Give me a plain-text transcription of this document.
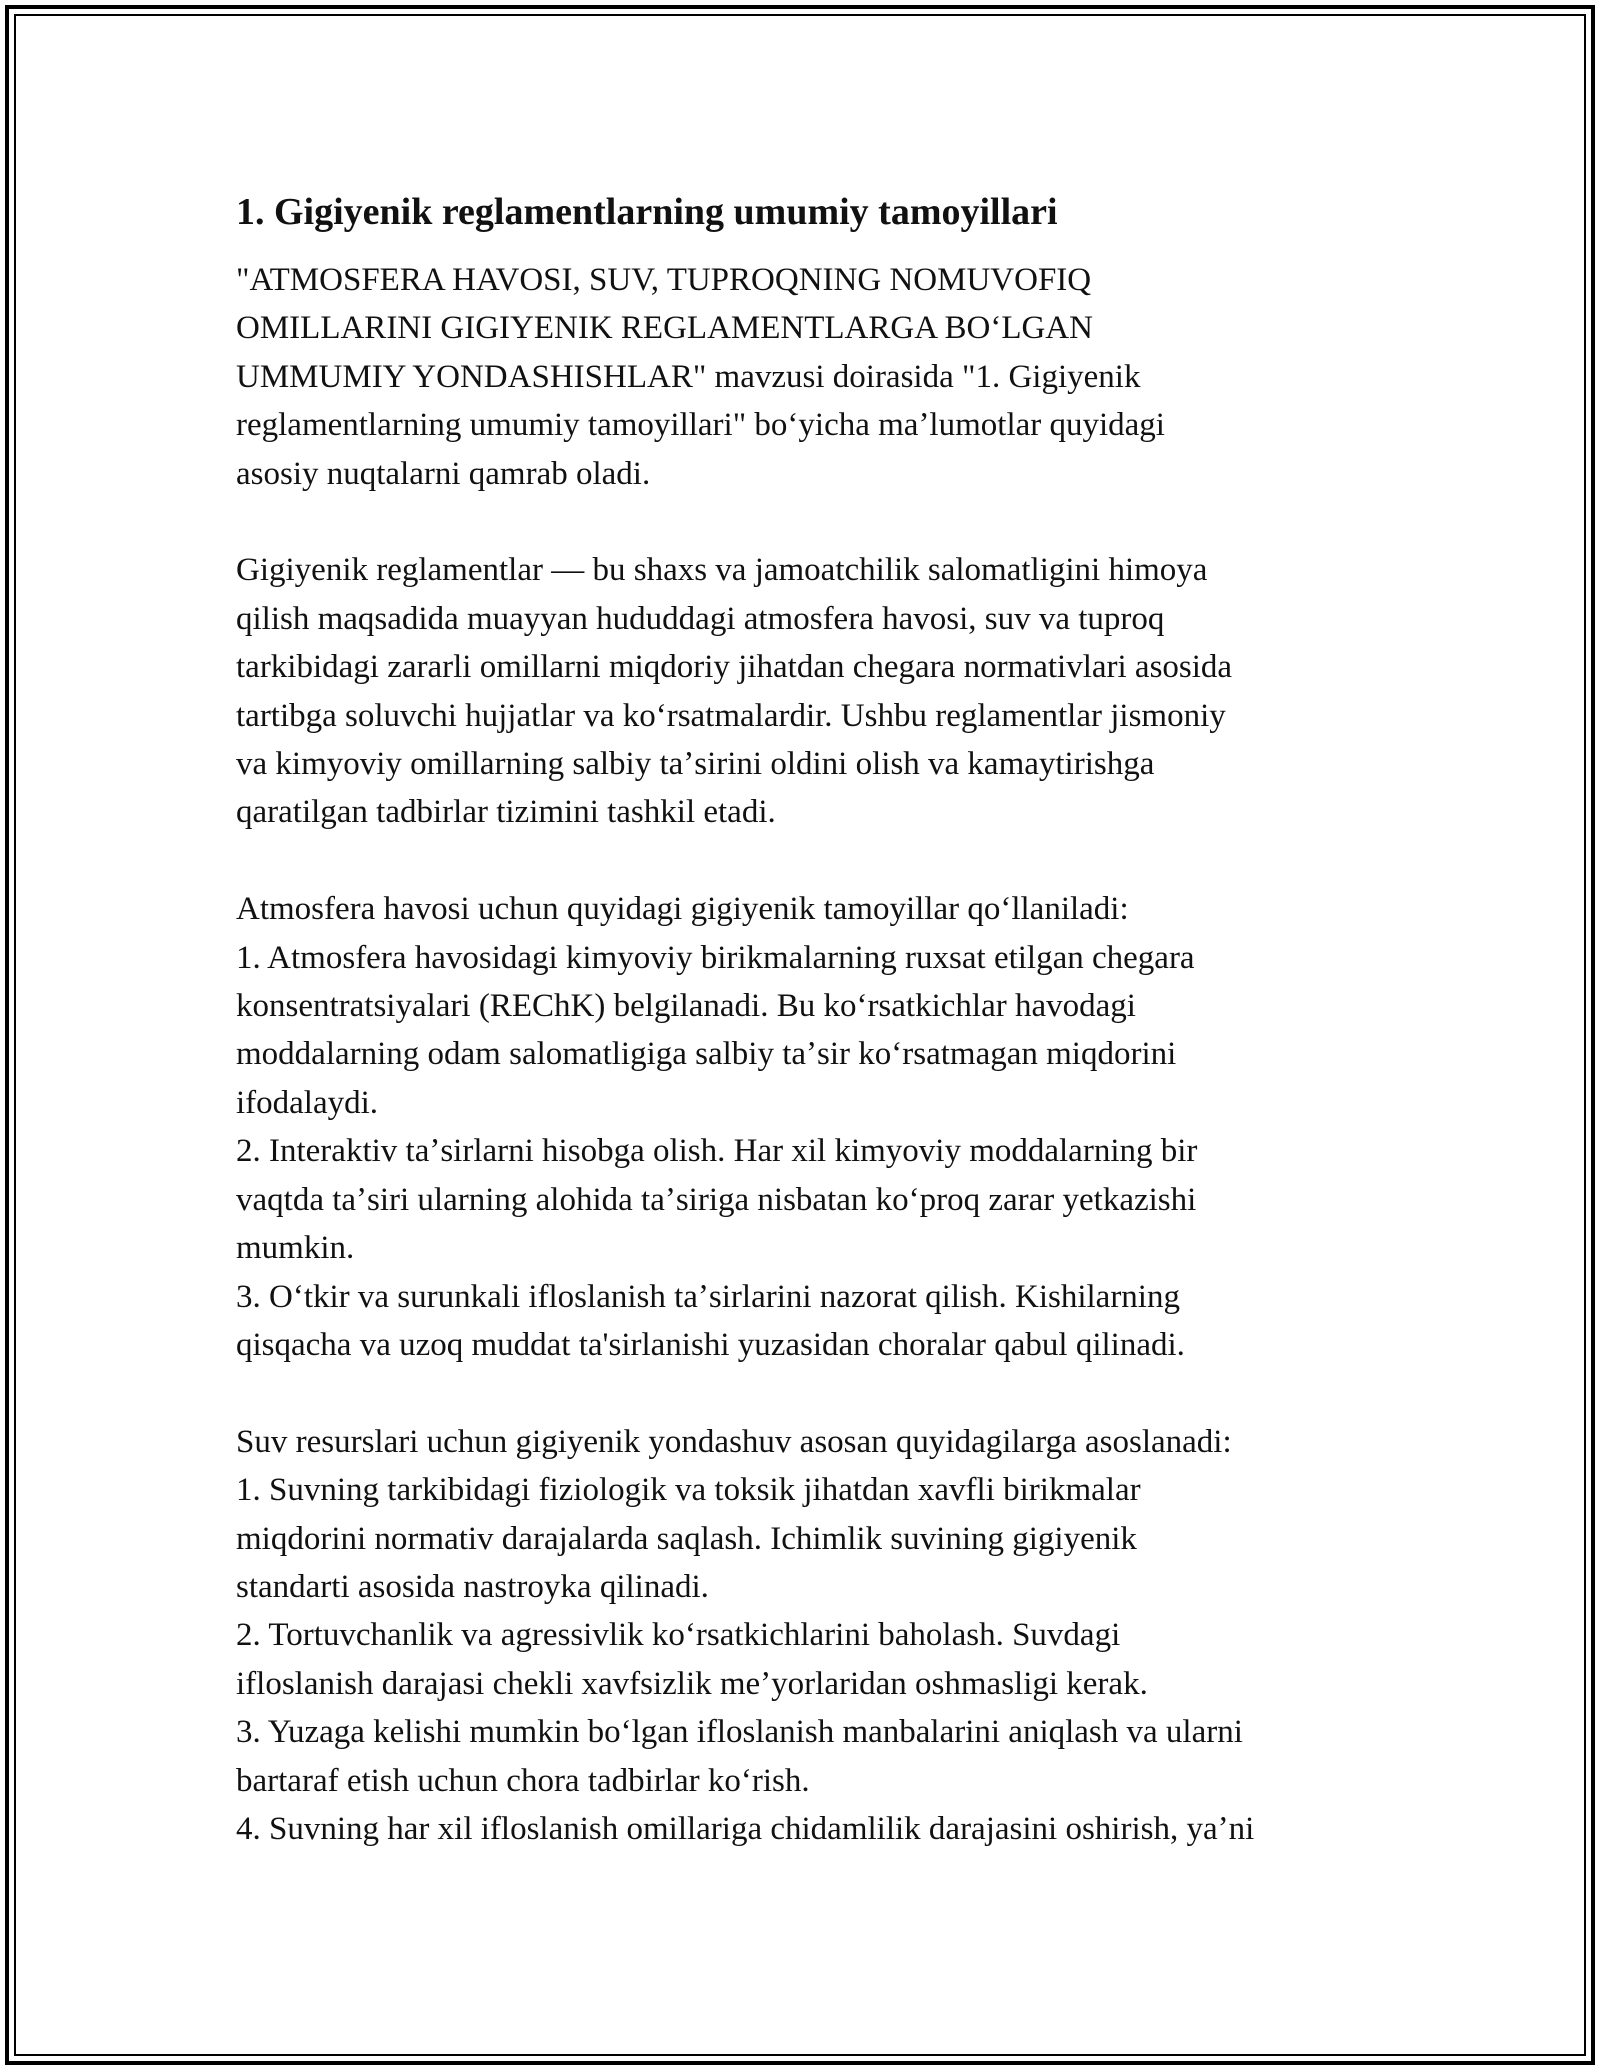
1. Gigiyenik reglamentlarning umumiy tamoyillari
"ATMOSFERA HAVOSI, SUV, TUPROQNING NOMUVOFIQ
OMILLARINI GIGIYENIK REGLAMENTLARGA BOʻLGAN
UMMUMIY YONDASHISHLAR" mavzusi doirasida "1. Gigiyenik
reglamentlarning umumiy tamoyillari" boʻyicha maʼlumotlar quyidagi
asosiy nuqtalarni qamrab oladi.
Gigiyenik reglamentlar — bu shaxs va jamoatchilik salomatligini himoya
qilish maqsadida muayyan hududdagi atmosfera havosi, suv va tuproq
tarkibidagi zararli omillarni miqdoriy jihatdan chegara normativlari asosida
tartibga soluvchi hujjatlar va koʻrsatmalardir. Ushbu reglamentlar jismoniy
va kimyoviy omillarning salbiy taʼsirini oldini olish va kamaytirishga
qaratilgan tadbirlar tizimini tashkil etadi.
Atmosfera havosi uchun quyidagi gigiyenik tamoyillar qoʻllaniladi:
1. Atmosfera havosidagi kimyoviy birikmalarning ruxsat etilgan chegara
konsentratsiyalari (REChK) belgilanadi. Bu koʻrsatkichlar havodagi
moddalarning odam salomatligiga salbiy taʼsir koʻrsatmagan miqdorini
ifodalaydi.
2. Interaktiv taʼsirlarni hisobga olish. Har xil kimyoviy moddalarning bir
vaqtda taʼsiri ularning alohida taʼsiriga nisbatan koʻproq zarar yetkazishi
mumkin.
3. Oʻtkir va surunkali ifloslanish taʼsirlarini nazorat qilish. Kishilarning
qisqacha va uzoq muddat ta'sirlanishi yuzasidan choralar qabul qilinadi.
Suv resurslari uchun gigiyenik yondashuv asosan quyidagilarga asoslanadi:
1. Suvning tarkibidagi fiziologik va toksik jihatdan xavfli birikmalar
miqdorini normativ darajalarda saqlash. Ichimlik suvining gigiyenik
standarti asosida nastroyka qilinadi.
2. Tortuvchanlik va agressivlik koʻrsatkichlarini baholash. Suvdagi
ifloslanish darajasi chekli xavfsizlik meʼyorlaridan oshmasligi kerak.
3. Yuzaga kelishi mumkin boʻlgan ifloslanish manbalarini aniqlash va ularni
bartaraf etish uchun chora tadbirlar koʻrish.
4. Suvning har xil ifloslanish omillariga chidamlilik darajasini oshirish, yaʼni
